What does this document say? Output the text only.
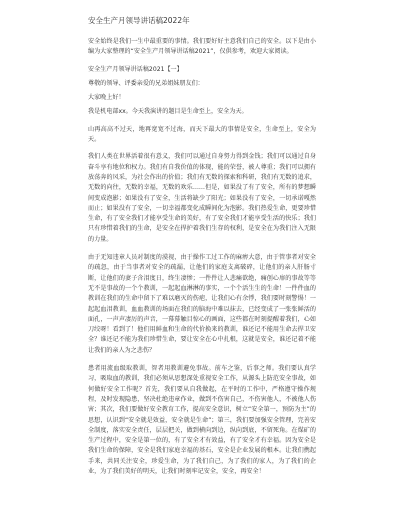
安全生产月领导讲话稿2022年

安全始终是我们一生中最重要的事情。我们要好好主意我们自己的安全。以下是由小编为大家整理的“安全生产月领导讲话稿2021”，仅供参考，欢迎大家阅读。

安全生产月领导讲话稿2021【一】

尊敬的领导、评委亲爱的兄弟姐妹朋友们：

大家晚上好！

我是机电部xx。今天我演讲的题目是生命至上，安全为天。

山再高高不过天，地再宽宽不过海，而天下最大的事情是安全，生命至上，安全为天。

我们人类在世界活着很有意义，我们可以通过自身努力得到金钱；我们可以通过自身奋斗享有地位和权力。我们有自我价值的体现，能的荣誉，被人尊重；我们可以拥有放荡奔的风采，为社会作出的价值；我们有无数的探索和科研，我们有无数的追求，无数的向往，无数的幸福，无数的欢乐……但是，如果没了有了安全，所有的梦想瞬间变成泡影；如果没有了安全，生活将缺少了阳光；如果没有了安全，一切承诺嘎然而止；如果没有了安全，一切幸福都变化成瞬间化为泡影。我们热爱生命，更要珍惜生命，有了安全我们才能享受生命的美好，有了安全我们才能享受生活的快乐；我们只有珍惜着我们的生命，是安全在捍护着我们生存的权利，是安全在为我们注入无限的力量。

由于无知违章人员对制度的漠视，由于操作工过工作的麻痹大意，由于管事者对安全的疏忽，由于当事者对安全的疏漏，让他们的家庭支离破碎，让他们的亲人肝肠寸断，让他们的妻子含泪度日，终生凄惨；一件件让人悲痛欲绝，痛创心扉的事故等等无不是事故的一个个教训，一起起血淋淋的事实，一个个活生生的生命！一件件血的教训在我们的生命中留下了难以磨灭的伤疤，让我们心有余悸，我们要时刻警惕！一起起血泪教训，血血教训的场面在我们的脑海中难以抹去，已经变成了一张张鲜活的面孔，一声声凄厉的声音，一幕幕触目惊心的画面，这些都在时刻提醒着我们，心如刀绞呀！看到了！他们用鲜血和生命的代价换来的教训，谁还记不能用生命去捍卫安全？谁还记不能为我们珍惜生命，要让安全在心中扎根，这就是安全，谁还记着不能让我们的亲人为之悲伤？

患者用流血级取教训，智者用教训避免事故。前车之鉴，后事之师。我们要认真学习，吸取血的教训，我们必须从思想深处重视安全工作，从源头上防范安全事故，如何做好安全工作呢？首先，我们要从自我做起，在平时的工作中，严格遵守操作规程，及时发现隐患，坚决杜绝违章作业，做到不伤害自己，不伤害他人，不被他人伤害；其次，我们要做好安全教育工作，提高安全意识，树立“安全第一，预防为主”的思想，认识到“安全就是效益，安全就是生命”；第三，我们要加强安全管理，完善安全制度，落实安全责任，层层把关，做到横向到边，纵向到底，不留死角。在煤矿的生产过程中，安全是第一位的，有了安全才有效益，有了安全才有幸福。因为安全是我们生命的保障，安全是我们家庭幸福的基石，安全是企业发展的根本。让我们携起手来，共同关注安全，珍爱生命，为了我们自己，为了我们的家人，为了我们的企业，为了我们美好的明天，让我们时刻牢记安全，安全，再安全！
